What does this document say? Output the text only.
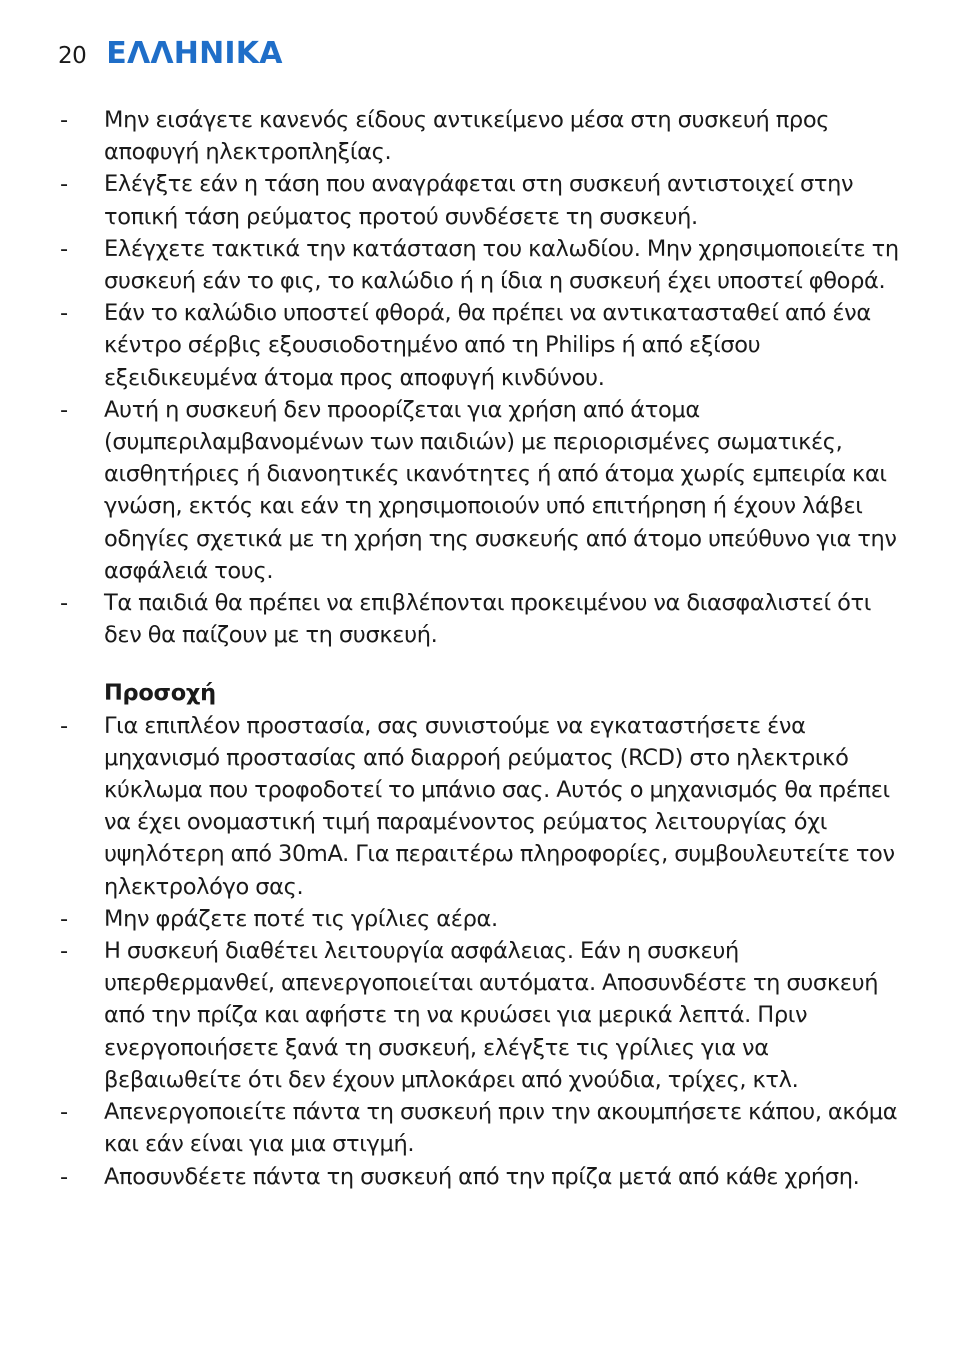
20 ΕΛΛΗΝΙΚΑ
-	Μην εισάγετε κανενός είδους αντικείμενο μέσα στη συσκευή προς αποφυγή ηλεκτροπληξίας.
-	Ελέγξτε εάν η τάση που αναγράφεται στη συσκευή αντιστοιχεί στην τοπική τάση ρεύματος προτού συνδέσετε τη συσκευή.
-	Ελέγχετε τακτικά την κατάσταση του καλωδίου. Μην χρησιμοποιείτε τη συσκευή εάν το φις, το καλώδιο ή η ίδια η συσκευή έχει υποστεί φθορά.
-	Εάν το καλώδιο υποστεί φθορά, θα πρέπει να αντικατασταθεί από ένα κέντρο σέρβις εξουσιοδοτημένο από τη Philips ή από εξίσου εξειδικευμένα άτομα προς αποφυγή κινδύνου.
-	Αυτή η συσκευή δεν προορίζεται για χρήση από άτομα (συμπεριλαμβανομένων των παιδιών) με περιορισμένες σωματικές, αισθητήριες ή διανοητικές ικανότητες ή από άτομα χωρίς εμπειρία και γνώση, εκτός και εάν τη χρησιμοποιούν υπό επιτήρηση ή έχουν λάβει οδηγίες σχετικά με τη χρήση της συσκευής από άτομο υπεύθυνο για την ασφάλειά τους.
-	Τα παιδιά θα πρέπει να επιβλέπονται προκειμένου να διασφαλιστεί ότι δεν θα παίζουν με τη συσκευή.
Προσοχή
-	Για επιπλέον προστασία, σας συνιστούμε να εγκαταστήσετε ένα μηχανισμό προστασίας από διαρροή ρεύματος (RCD) στο ηλεκτρικό κύκλωμα που τροφοδοτεί το μπάνιο σας. Αυτός ο μηχανισμός θα πρέπει να έχει ονομαστική τιμή παραμένοντος ρεύματος λειτουργίας όχι υψηλότερη από 30mA. Για περαιτέρω πληροφορίες, συμβουλευτείτε τον ηλεκτρολόγο σας.
-	Μην φράζετε ποτέ τις γρίλιες αέρα.
-	Η συσκευή διαθέτει λειτουργία ασφάλειας. Εάν η συσκευή υπερθερμανθεί, απενεργοποιείται αυτόματα. Αποσυνδέστε τη συσκευή από την πρίζα και αφήστε τη να κρυώσει για μερικά λεπτά. Πριν ενεργοποιήσετε ξανά τη συσκευή, ελέγξτε τις γρίλιες για να βεβαιωθείτε ότι δεν έχουν μπλοκάρει από χνούδια, τρίχες, κτλ.
-	Απενεργοποιείτε πάντα τη συσκευή πριν την ακουμπήσετε κάπου, ακόμα και εάν είναι για μια στιγμή.
-	Αποσυνδέετε πάντα τη συσκευή από την πρίζα μετά από κάθε χρήση.
